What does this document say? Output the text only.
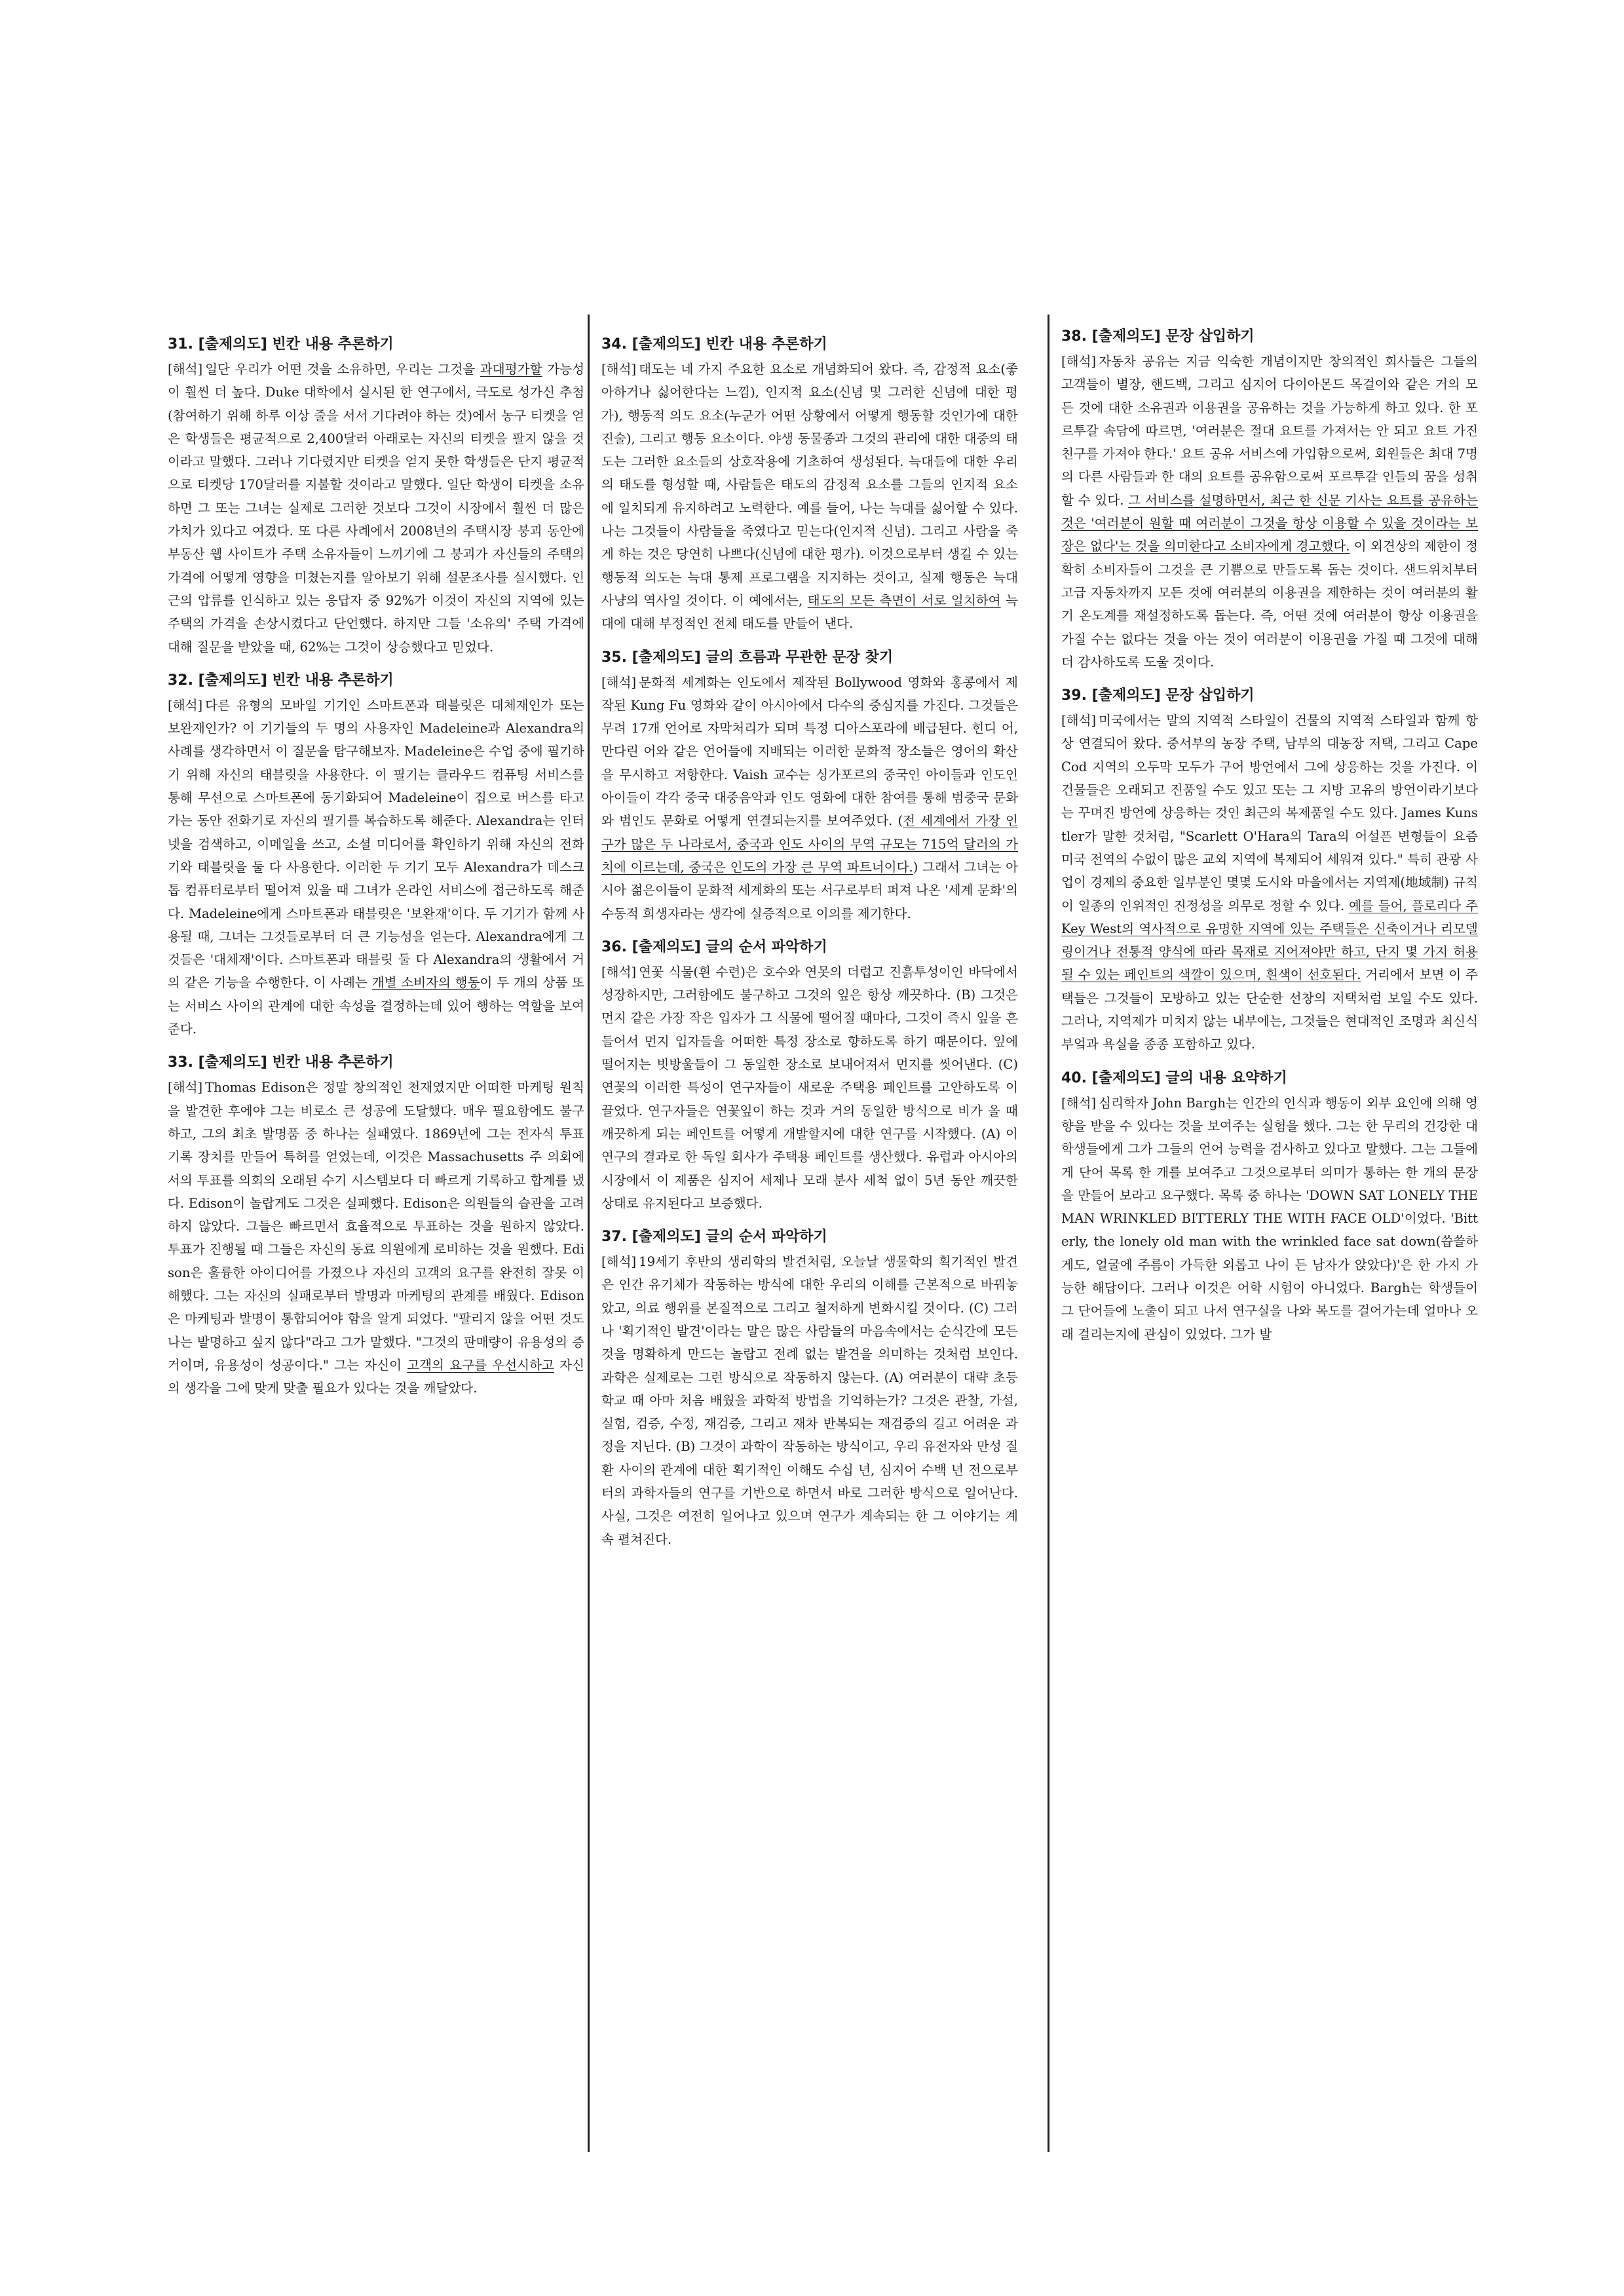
31. [출제의도] 빈칸 내용 추론하기

[해석] 일단 우리가 어떤 것을 소유하면, 우리는 그것을 과대평가할 가능성이 훨씬 더 높다. Duke 대학에서 실시된 한 연구에서, 극도로 성가신 추첨(참여하기 위해 하루 이상 줄을 서서 기다려야 하는 것)에서 농구 티켓을 얻은 학생들은 평균적으로 2,400달러 아래로는 자신의 티켓을 팔지 않을 것이라고 말했다. 그러나 기다렸지만 티켓을 얻지 못한 학생들은 단지 평균적으로 티켓당 170달러를 지불할 것이라고 말했다. 일단 학생이 티켓을 소유하면 그 또는 그녀는 실제로 그러한 것보다 그것이 시장에서 훨씬 더 많은 가치가 있다고 여겼다. 또 다른 사례에서 2008년의 주택시장 붕괴 동안에 부동산 웹 사이트가 주택 소유자들이 느끼기에 그 붕괴가 자신들의 주택의 가격에 어떻게 영향을 미쳤는지를 알아보기 위해 설문조사를 실시했다. 인근의 압류를 인식하고 있는 응답자 중 92%가 이것이 자신의 지역에 있는 주택의 가격을 손상시켰다고 단언했다. 하지만 그들 '소유의' 주택 가격에 대해 질문을 받았을 때, 62%는 그것이 상승했다고 믿었다.

32. [출제의도] 빈칸 내용 추론하기

[해석] 다른 유형의 모바일 기기인 스마트폰과 태블릿은 대체재인가 또는 보완재인가? 이 기기들의 두 명의 사용자인 Madeleine과 Alexandra의 사례를 생각하면서 이 질문을 탐구해보자. Madeleine은 수업 중에 필기하기 위해 자신의 태블릿을 사용한다. 이 필기는 클라우드 컴퓨팅 서비스를 통해 무선으로 스마트폰에 동기화되어 Madeleine이 집으로 버스를 타고 가는 동안 전화기로 자신의 필기를 복습하도록 해준다. Alexandra는 인터넷을 검색하고, 이메일을 쓰고, 소셜 미디어를 확인하기 위해 자신의 전화기와 태블릿을 둘 다 사용한다. 이러한 두 기기 모두 Alexandra가 데스크톱 컴퓨터로부터 떨어져 있을 때 그녀가 온라인 서비스에 접근하도록 해준다. Madeleine에게 스마트폰과 태블릿은 '보완재'이다. 두 기기가 함께 사용될 때, 그녀는 그것들로부터 더 큰 기능성을 얻는다. Alexandra에게 그것들은 '대체재'이다. 스마트폰과 태블릿 둘 다 Alexandra의 생활에서 거의 같은 기능을 수행한다. 이 사례는 개별 소비자의 행동이 두 개의 상품 또는 서비스 사이의 관계에 대한 속성을 결정하는데 있어 행하는 역할을 보여준다.

33. [출제의도] 빈칸 내용 추론하기

[해석] Thomas Edison은 정말 창의적인 천재였지만 어떠한 마케팅 원칙을 발견한 후에야 그는 비로소 큰 성공에 도달했다. 매우 필요함에도 불구하고, 그의 최초 발명품 중 하나는 실패였다. 1869년에 그는 전자식 투표 기록 장치를 만들어 특허를 얻었는데, 이것은 Massachusetts 주 의회에서의 투표를 의회의 오래된 수기 시스템보다 더 빠르게 기록하고 합계를 냈다. Edison이 놀랍게도 그것은 실패했다. Edison은 의원들의 습관을 고려하지 않았다. 그들은 빠르면서 효율적으로 투표하는 것을 원하지 않았다. 투표가 진행될 때 그들은 자신의 동료 의원에게 로비하는 것을 원했다. Edison은 훌륭한 아이디어를 가졌으나 자신의 고객의 요구를 완전히 잘못 이해했다. 그는 자신의 실패로부터 발명과 마케팅의 관계를 배웠다. Edison은 마케팅과 발명이 통합되어야 함을 알게 되었다. "팔리지 않을 어떤 것도 나는 발명하고 싶지 않다"라고 그가 말했다. "그것의 판매량이 유용성의 증거이며, 유용성이 성공이다." 그는 자신이 고객의 요구를 우선시하고 자신의 생각을 그에 맞게 맞출 필요가 있다는 것을 깨달았다.

34. [출제의도] 빈칸 내용 추론하기

[해석] 태도는 네 가지 주요한 요소로 개념화되어 왔다. 즉, 감정적 요소(좋아하거나 싫어한다는 느낌), 인지적 요소(신념 및 그러한 신념에 대한 평가), 행동적 의도 요소(누군가 어떤 상황에서 어떻게 행동할 것인가에 대한 진술), 그리고 행동 요소이다. 야생 동물종과 그것의 관리에 대한 대중의 태도는 그러한 요소들의 상호작용에 기초하여 생성된다. 늑대들에 대한 우리의 태도를 형성할 때, 사람들은 태도의 감정적 요소를 그들의 인지적 요소에 일치되게 유지하려고 노력한다. 예를 들어, 나는 늑대를 싫어할 수 있다. 나는 그것들이 사람들을 죽였다고 믿는다(인지적 신념). 그리고 사람을 죽게 하는 것은 당연히 나쁘다(신념에 대한 평가). 이것으로부터 생길 수 있는 행동적 의도는 늑대 통제 프로그램을 지지하는 것이고, 실제 행동은 늑대 사냥의 역사일 것이다. 이 예에서는, 태도의 모든 측면이 서로 일치하여 늑대에 대해 부정적인 전체 태도를 만들어 낸다.

35. [출제의도] 글의 흐름과 무관한 문장 찾기

[해석] 문화적 세계화는 인도에서 제작된 Bollywood 영화와 홍콩에서 제작된 Kung Fu 영화와 같이 아시아에서 다수의 중심지를 가진다. 그것들은 무려 17개 언어로 자막처리가 되며 특정 디아스포라에 배급된다. 힌디 어, 만다린 어와 같은 언어들에 지배되는 이러한 문화적 장소들은 영어의 확산을 무시하고 저항한다. Vaish 교수는 싱가포르의 중국인 아이들과 인도인 아이들이 각각 중국 대중음악과 인도 영화에 대한 참여를 통해 범중국 문화와 범인도 문화로 어떻게 연결되는지를 보여주었다. (전 세계에서 가장 인구가 많은 두 나라로서, 중국과 인도 사이의 무역 규모는 715억 달러의 가치에 이르는데, 중국은 인도의 가장 큰 무역 파트너이다.) 그래서 그녀는 아시아 젊은이들이 문화적 세계화의 또는 서구로부터 퍼져 나온 '세계 문화'의 수동적 희생자라는 생각에 실증적으로 이의를 제기한다.

36. [출제의도] 글의 순서 파악하기

[해석] 연꽃 식물(흰 수련)은 호수와 연못의 더럽고 진흙투성이인 바닥에서 성장하지만, 그러함에도 불구하고 그것의 잎은 항상 깨끗하다. (B) 그것은 먼지 같은 가장 작은 입자가 그 식물에 떨어질 때마다, 그것이 즉시 잎을 흔들어서 먼지 입자들을 어떠한 특정 장소로 향하도록 하기 때문이다. 잎에 떨어지는 빗방울들이 그 동일한 장소로 보내어져서 먼지를 씻어낸다. (C) 연꽃의 이러한 특성이 연구자들이 새로운 주택용 페인트를 고안하도록 이끌었다. 연구자들은 연꽃잎이 하는 것과 거의 동일한 방식으로 비가 올 때 깨끗하게 되는 페인트를 어떻게 개발할지에 대한 연구를 시작했다. (A) 이 연구의 결과로 한 독일 회사가 주택용 페인트를 생산했다. 유럽과 아시아의 시장에서 이 제품은 심지어 세제나 모래 분사 세척 없이 5년 동안 깨끗한 상태로 유지된다고 보증했다.

37. [출제의도] 글의 순서 파악하기

[해석] 19세기 후반의 생리학의 발견처럼, 오늘날 생물학의 획기적인 발견은 인간 유기체가 작동하는 방식에 대한 우리의 이해를 근본적으로 바꿔놓았고, 의료 행위를 본질적으로 그리고 철저하게 변화시킬 것이다. (C) 그러나 '획기적인 발견'이라는 말은 많은 사람들의 마음속에서는 순식간에 모든 것을 명확하게 만드는 놀랍고 전례 없는 발견을 의미하는 것처럼 보인다. 과학은 실제로는 그런 방식으로 작동하지 않는다. (A) 여러분이 대략 초등학교 때 아마 처음 배웠을 과학적 방법을 기억하는가? 그것은 관찰, 가설, 실험, 검증, 수정, 재검증, 그리고 재차 반복되는 재검증의 길고 어려운 과정을 지닌다. (B) 그것이 과학이 작동하는 방식이고, 우리 유전자와 만성 질환 사이의 관계에 대한 획기적인 이해도 수십 년, 심지어 수백 년 전으로부터의 과학자들의 연구를 기반으로 하면서 바로 그러한 방식으로 일어난다. 사실, 그것은 여전히 일어나고 있으며 연구가 계속되는 한 그 이야기는 계속 펼쳐진다.

38. [출제의도] 문장 삽입하기

[해석] 자동차 공유는 지금 익숙한 개념이지만 창의적인 회사들은 그들의 고객들이 별장, 핸드백, 그리고 심지어 다이아몬드 목걸이와 같은 거의 모든 것에 대한 소유권과 이용권을 공유하는 것을 가능하게 하고 있다. 한 포르투갈 속담에 따르면, '여러분은 절대 요트를 가져서는 안 되고 요트 가진 친구를 가져야 한다.' 요트 공유 서비스에 가입함으로써, 회원들은 최대 7명의 다른 사람들과 한 대의 요트를 공유함으로써 포르투갈 인들의 꿈을 성취할 수 있다. 그 서비스를 설명하면서, 최근 한 신문 기사는 요트를 공유하는 것은 '여러분이 원할 때 여러분이 그것을 항상 이용할 수 있을 것이라는 보장은 없다'는 것을 의미한다고 소비자에게 경고했다. 이 외견상의 제한이 정확히 소비자들이 그것을 큰 기쁨으로 만들도록 돕는 것이다. 샌드위치부터 고급 자동차까지 모든 것에 여러분의 이용권을 제한하는 것이 여러분의 활기 온도계를 재설정하도록 돕는다. 즉, 어떤 것에 여러분이 항상 이용권을 가질 수는 없다는 것을 아는 것이 여러분이 이용권을 가질 때 그것에 대해 더 감사하도록 도울 것이다.

39. [출제의도] 문장 삽입하기

[해석] 미국에서는 말의 지역적 스타일이 건물의 지역적 스타일과 함께 항상 연결되어 왔다. 중서부의 농장 주택, 남부의 대농장 저택, 그리고 Cape Cod 지역의 오두막 모두가 구어 방언에서 그에 상응하는 것을 가진다. 이 건물들은 오래되고 진품일 수도 있고 또는 그 지방 고유의 방언이라기보다는 꾸며진 방언에 상응하는 것인 최근의 복제품일 수도 있다. James Kunstler가 말한 것처럼, "Scarlett O'Hara의 Tara의 어설픈 변형들이 요즘 미국 전역의 수없이 많은 교외 지역에 복제되어 세워져 있다." 특히 관광 사업이 경제의 중요한 일부분인 몇몇 도시와 마을에서는 지역제(地域制) 규칙이 일종의 인위적인 진정성을 의무로 정할 수 있다. 예를 들어, 플로리다 주 Key West의 역사적으로 유명한 지역에 있는 주택들은 신축이거나 리모델링이거나 전통적 양식에 따라 목재로 지어져야만 하고, 단지 몇 가지 허용될 수 있는 페인트의 색깔이 있으며, 흰색이 선호된다. 거리에서 보면 이 주택들은 그것들이 모방하고 있는 단순한 선창의 저택처럼 보일 수도 있다. 그러나, 지역제가 미치지 않는 내부에는, 그것들은 현대적인 조명과 최신식 부엌과 욕실을 종종 포함하고 있다.

40. [출제의도] 글의 내용 요약하기

[해석] 심리학자 John Bargh는 인간의 인식과 행동이 외부 요인에 의해 영향을 받을 수 있다는 것을 보여주는 실험을 했다. 그는 한 무리의 건강한 대학생들에게 그가 그들의 언어 능력을 검사하고 있다고 말했다. 그는 그들에게 단어 목록 한 개를 보여주고 그것으로부터 의미가 통하는 한 개의 문장을 만들어 보라고 요구했다. 목록 중 하나는 'DOWN SAT LONELY THE MAN WRINKLED BITTERLY THE WITH FACE OLD'이었다. 'Bitterly, the lonely old man with the wrinkled face sat down(씁쓸하게도, 얼굴에 주름이 가득한 외롭고 나이 든 남자가 앉았다)'은 한 가지 가능한 해답이다. 그러나 이것은 어학 시험이 아니었다. Bargh는 학생들이 그 단어들에 노출이 되고 나서 연구실을 나와 복도를 걸어가는데 얼마나 오래 걸리는지에 관심이 있었다. 그가 발
